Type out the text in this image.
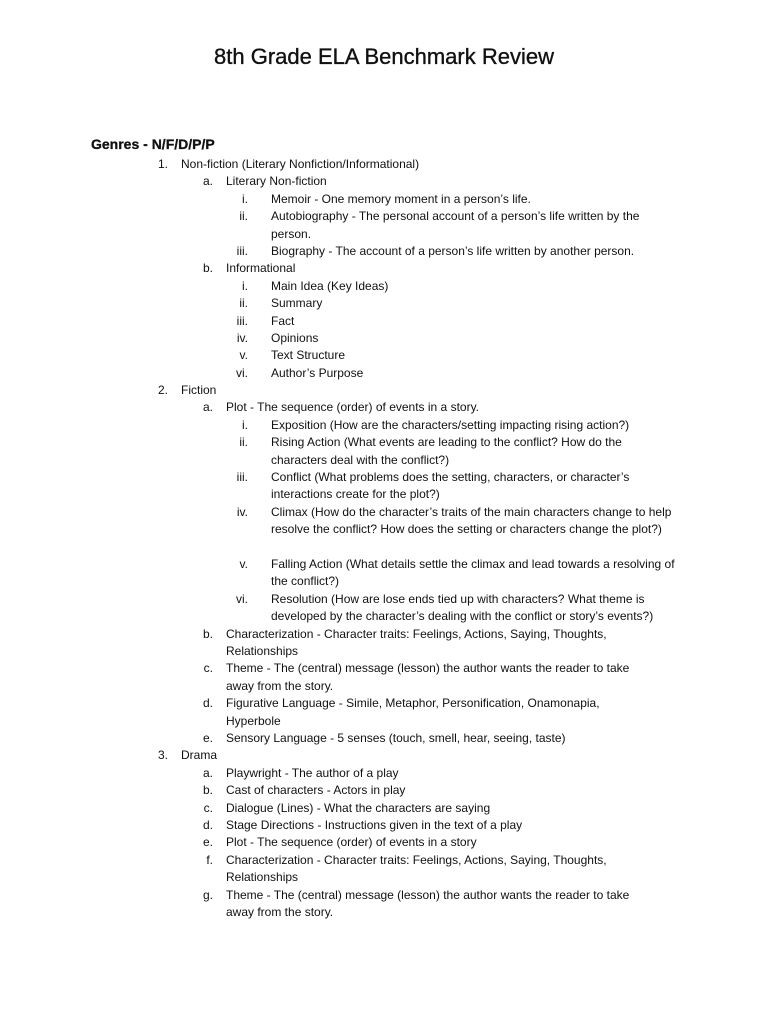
8th Grade ELA Benchmark Review
Genres - N/F/D/P/P
1. Non-fiction (Literary Nonfiction/Informational)
a. Literary Non-fiction
i. Memoir - One memory moment in a person’s life.
ii. Autobiography - The personal account of a person’s life written by the person.
iii. Biography - The account of a person’s life written by another person.
b. Informational
i. Main Idea (Key Ideas)
ii. Summary
iii. Fact
iv. Opinions
v. Text Structure
vi. Author’s Purpose
2. Fiction
a. Plot - The sequence (order) of events in a story.
i. Exposition (How are the characters/setting impacting rising action?)
ii. Rising Action (What events are leading to the conflict? How do the characters deal with the conflict?)
iii. Conflict (What problems does the setting, characters, or character’s interactions create for the plot?)
iv. Climax (How do the character’s traits of the main characters change to help resolve the conflict? How does the setting or characters change the plot?)
v. Falling Action (What details settle the climax and lead towards a resolving of the conflict?)
vi. Resolution (How are lose ends tied up with characters? What theme is developed by the character’s dealing with the conflict or story’s events?)
b. Characterization - Character traits: Feelings, Actions, Saying, Thoughts, Relationships
c. Theme - The (central) message (lesson) the author wants the reader to take away from the story.
d. Figurative Language - Simile, Metaphor, Personification, Onamonapia, Hyperbole
e. Sensory Language - 5 senses (touch, smell, hear, seeing, taste)
3. Drama
a. Playwright - The author of a play
b. Cast of characters - Actors in play
c. Dialogue (Lines) - What the characters are saying
d. Stage Directions - Instructions given in the text of a play
e. Plot - The sequence (order) of events in a story
f. Characterization - Character traits: Feelings, Actions, Saying, Thoughts, Relationships
g. Theme - The (central) message (lesson) the author wants the reader to take away from the story.
